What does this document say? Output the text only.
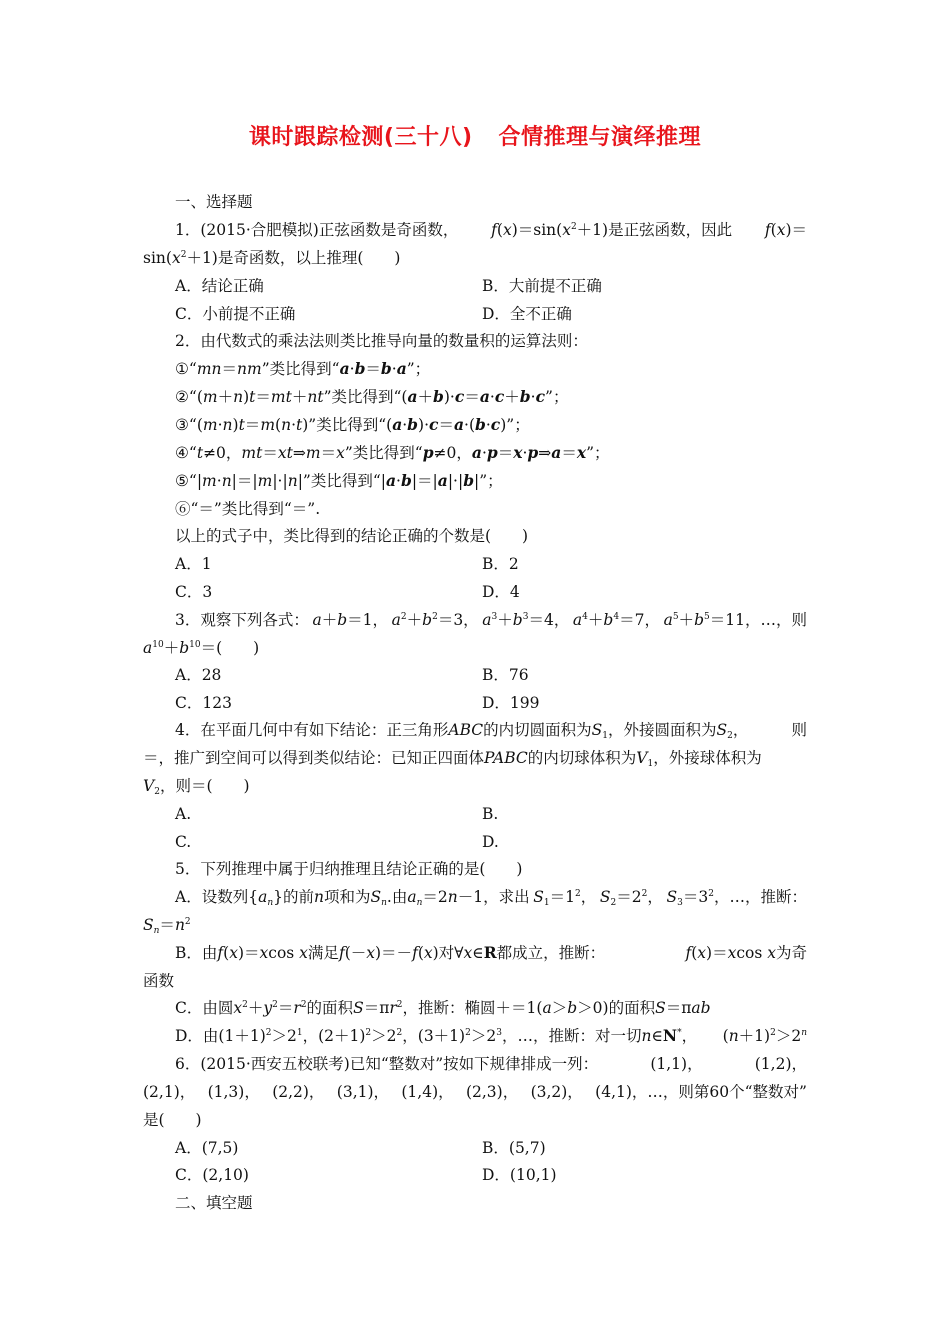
课时跟踪检测(三十八) 合情推理与演绎推理
一、选择题
1．(2015·合肥模拟)正弦函数是奇函数， $f(x)=\sin(x^2+1)$是正弦函数，因此 f(x)＝
$\sin(x^2+1)$是奇函数，以上推理(　　)
A．结论正确	B．大前提不正确
C．小前提不正确	D．全不正确
2．由代数式的乘法法则类比推导向量的数量积的运算法则：
①“mn＝nm”类比得到“a·b＝b·a”；
②“(m＋n)t＝mt＋nt”类比得到“(a＋b)·c＝a·c＋b·c”；
③“(m·n)t＝m(n·t)”类比得到“(a·b)·c＝a·(b·c)”；
④“t≠0，mt＝xt⇒m＝x”类比得到“p≠0，a·p＝x·p⇒a＝x”；
⑤“|m·n|＝|m|·|n|”类比得到“|a·b|＝|a|·|b|”；
⑥“＝”类比得到“＝”.
以上的式子中，类比得到的结论正确的个数是(　　)
A．1	B．2
C．3	D．4
3．观察下列各式： a＋b＝1， $a^2+b^2=3$， $a^3+b^3=4$， $a^4+b^4=7$， $a^5+b^5=11$，…，则
$a^{10}+b^{10}=$(　　)
A．28	B．76
C．123	D．199
4．在平面几何中有如下结论：正三角形ABC的内切圆面积为$S_1$，外接圆面积为$S_2$，	则
＝，推广到空间可以得到类似结论：已知正四面体PABC的内切球体积为$V_1$，外接球体积为
$V_2$，则＝(　　)
A.	B.
C.	D.
5．下列推理中属于归纳推理且结论正确的是(　　)
A．设数列$\{a_n\}$的前n项和为$S_n$.由$a_n=2n-1$，求出 $S_1=1^2$， $S_2=2^2$， $S_3=3^2$，…，推断：
$S_n=n^2$
B．由f(x)＝xcos x满足f(－x)＝－f(x)对∀x∈R都成立，推断：	f(x)＝xcos x为奇
函数
C．由圆$x^2+y^2=r^2$的面积$S=\pi r^2$，推断：椭圆＋＝1(a＞b＞0)的面积S＝πab
D．由$(1+1)^2>2^1$，$(2+1)^2>2^2$，$(3+1)^2>2^3$，…，推断：对一切n∈N*， $(n+1)^2>2^n$
6．(2015·西安五校联考)已知“整数对”按如下规律排成一列：	(1,1)，	(1,2)，
(2,1)， (1,3)， (2,2)， (3,1)， (1,4)， (2,3)， (3,2)， (4,1)，…，则第60个“整数对”
是(　　)
A．(7,5)	B．(5,7)
C．(2,10)	D．(10,1)
二、填空题
